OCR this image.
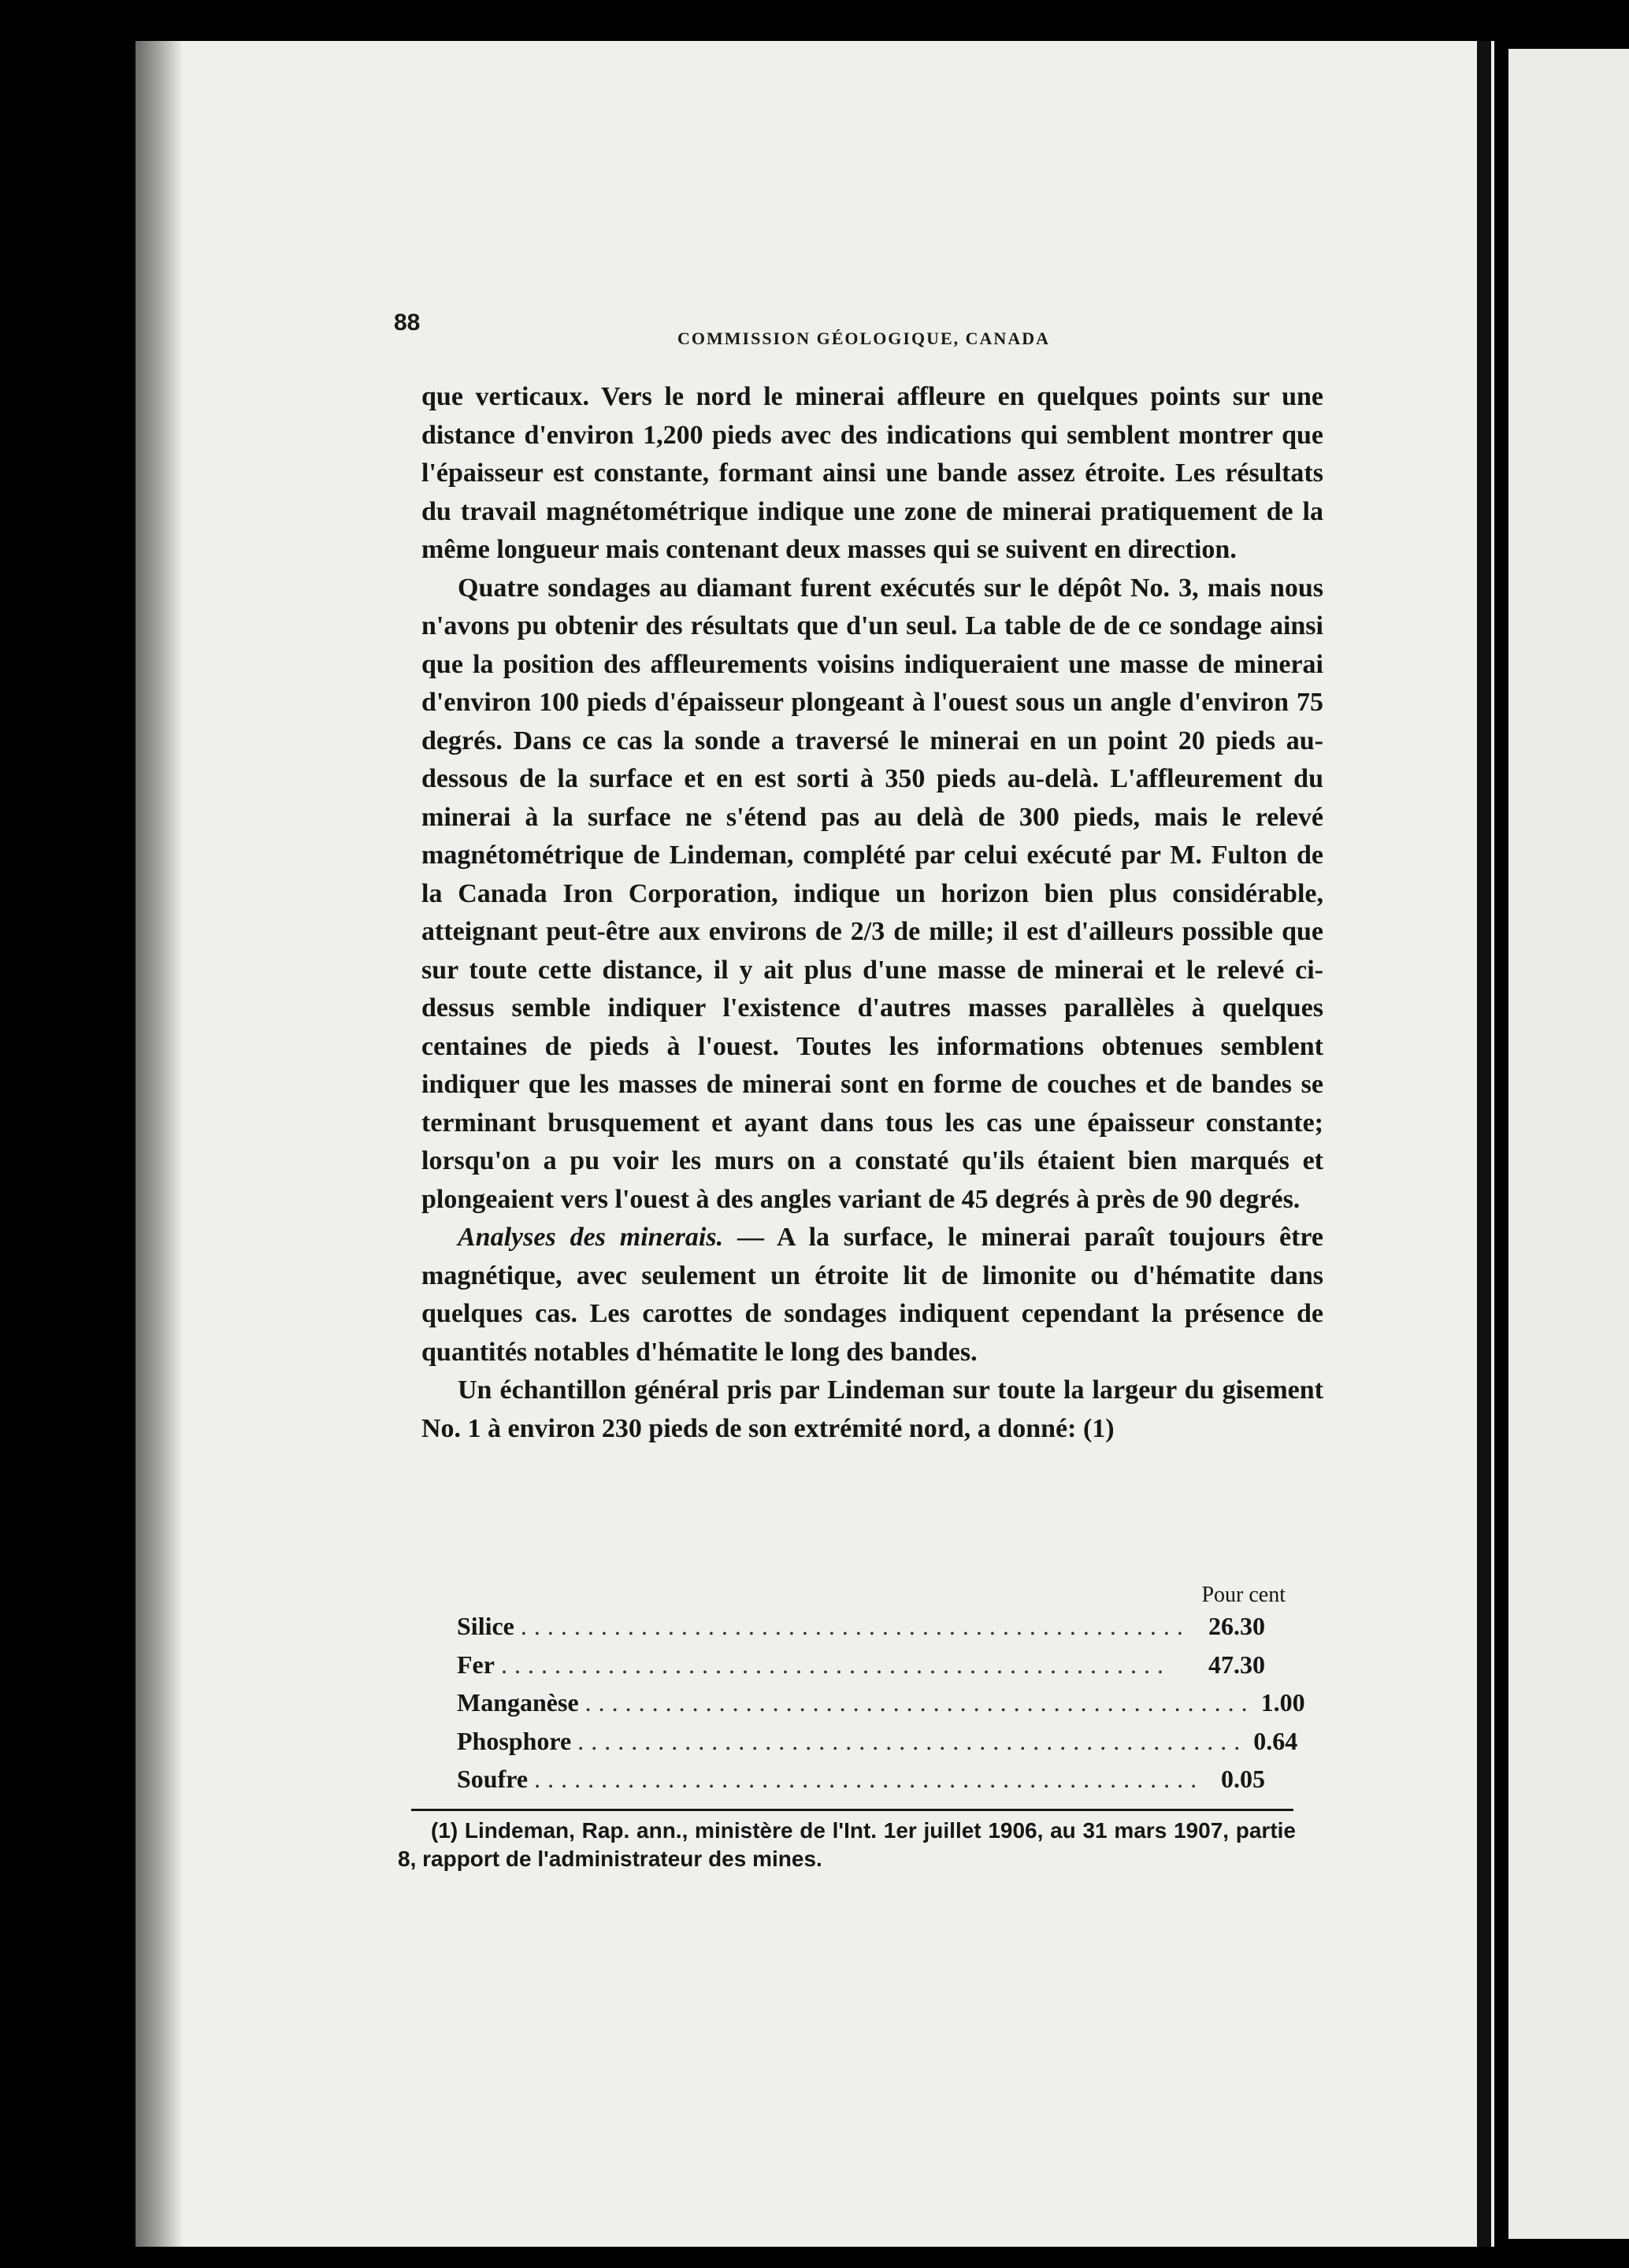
88
COMMISSION GÉOLOGIQUE, CANADA

que verticaux. Vers le nord le minerai affleure en quelques points sur une distance d'environ 1,200 pieds avec des indications qui semblent montrer que l'épaisseur est constante, formant ainsi une bande assez étroite. Les résultats du travail magnétométrique indique une zone de minerai pratiquement de la même longueur mais contenant deux masses qui se suivent en direction.

Quatre sondages au diamant furent exécutés sur le dépôt No. 3, mais nous n'avons pu obtenir des résultats que d'un seul. La table de de ce sondage ainsi que la position des affleurements voisins indiqueraient une masse de minerai d'environ 100 pieds d'épaisseur plongeant à l'ouest sous un angle d'environ 75 degrés. Dans ce cas la sonde a traversé le minerai en un point 20 pieds au-dessous de la surface et en est sorti à 350 pieds au-delà. L'affleurement du minerai à la surface ne s'étend pas au delà de 300 pieds, mais le relevé magnétométrique de Lindeman, complété par celui exécuté par M. Fulton de la Canada Iron Corporation, indique un horizon bien plus considérable, atteignant peut-être aux environs de 2/3 de mille; il est d'ailleurs possible que sur toute cette distance, il y ait plus d'une masse de minerai et le relevé ci-dessus semble indiquer l'existence d'autres masses parallèles à quelques centaines de pieds à l'ouest. Toutes les informations obtenues semblent indiquer que les masses de minerai sont en forme de couches et de bandes se terminant brusquement et ayant dans tous les cas une épaisseur constante; lorsqu'on a pu voir les murs on a constaté qu'ils étaient bien marqués et plongeaient vers l'ouest à des angles variant de 45 degrés à près de 90 degrés.

Analyses des minerais. — A la surface, le minerai paraît toujours être magnétique, avec seulement un étroite lit de limonite ou d'hématite dans quelques cas. Les carottes de sondages indiquent cependant la présence de quantités notables d'hématite le long des bandes.

Un échantillon général pris par Lindeman sur toute la largeur du gisement No. 1 à environ 230 pieds de son extrémité nord, a donné: (1)

Pour cent
Silice .................................................. 26.30
Fer ..................................................	47.30
Manganèse .................................................. 1.00
Phosphore .................................................. 0.64
Soufre .................................................. 0.05
(1) Lindeman, Rap. ann., ministère de l'Int. 1er juillet 1906, au 31 mars 1907, partie 8, rapport de l'administrateur des mines.
